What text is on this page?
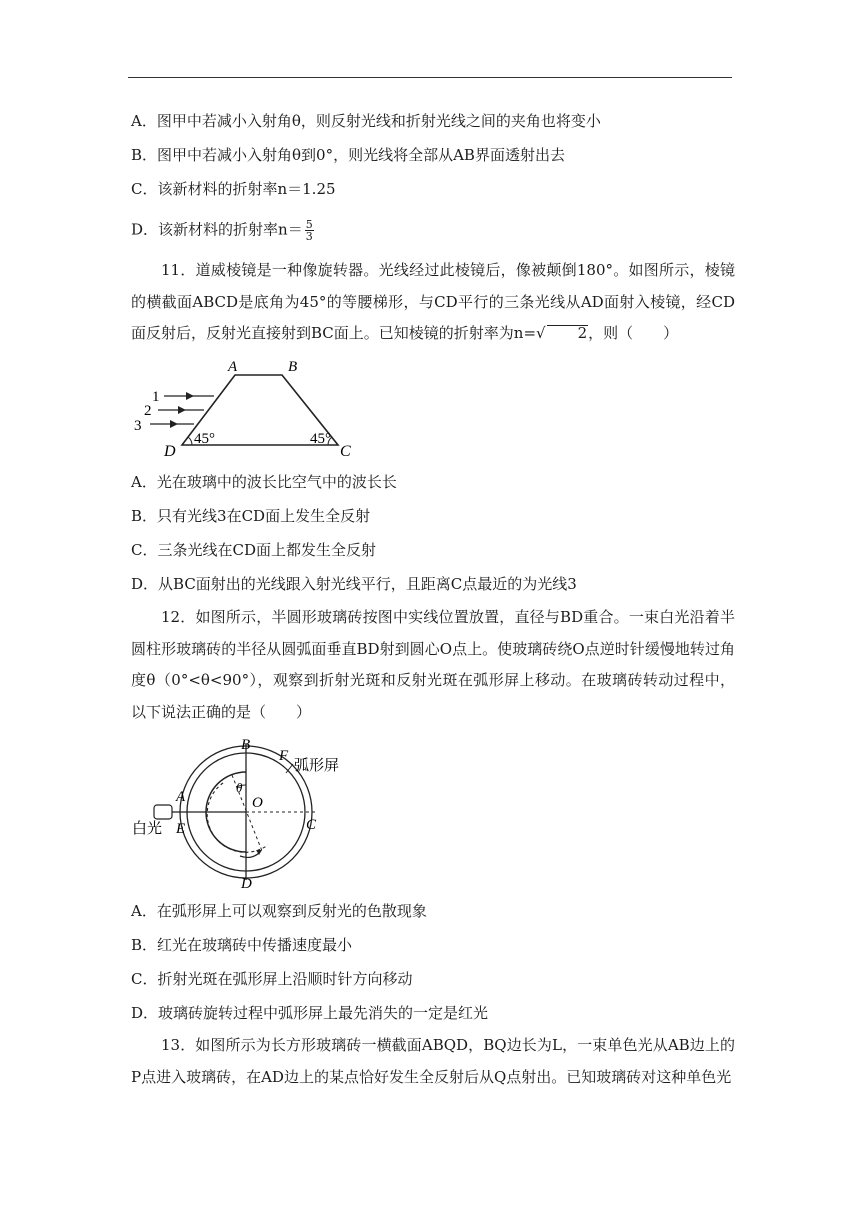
A．图甲中若减小入射角θ，则反射光线和折射光线之间的夹角也将变小
B．图甲中若减小入射角θ到0°，则光线将全部从AB界面透射出去
C．该新材料的折射率n＝1.25
D．该新材料的折射率$n= \frac{5}{3}$
11．道威棱镜是一种像旋转器。光线经过此棱镜后，像被颠倒180°。如图所示，棱镜的横截面ABCD是底角为45°的等腰梯形，与CD平行的三条光线从AD面射入棱镜，经CD面反射后，反射光直接射到BC面上。已知棱镜的折射率为n=√ 2，则（　　）
A	B
D	C
45°	45°
1
2
3
A．光在玻璃中的波长比空气中的波长长
B．只有光线3在CD面上发生全反射
C．三条光线在CD面上都发生全反射
D．从BC面射出的光线跟入射光线平行，且距离C点最近的为光线3
12．如图所示，半圆形玻璃砖按图中实线位置放置，直径与BD重合。一束白光沿着半圆柱形玻璃砖的半径从圆弧面垂直BD射到圆心O点上。使玻璃砖绕O点逆时针缓慢地转过角度θ（0°<θ<90°），观察到折射光斑和反射光斑在弧形屏上移动。在玻璃砖转动过程中，以下说法正确的是（　　）
B
F
弧形屏
θ
A	O
白光 E	C
D
A．在弧形屏上可以观察到反射光的色散现象
B．红光在玻璃砖中传播速度最小
C．折射光斑在弧形屏上沿顺时针方向移动
D．玻璃砖旋转过程中弧形屏上最先消失的一定是红光
13．如图所示为长方形玻璃砖一横截面ABQD，BQ边长为L，一束单色光从AB边上的P点进入玻璃砖，在AD边上的某点恰好发生全反射后从Q点射出。已知玻璃砖对这种单色光
